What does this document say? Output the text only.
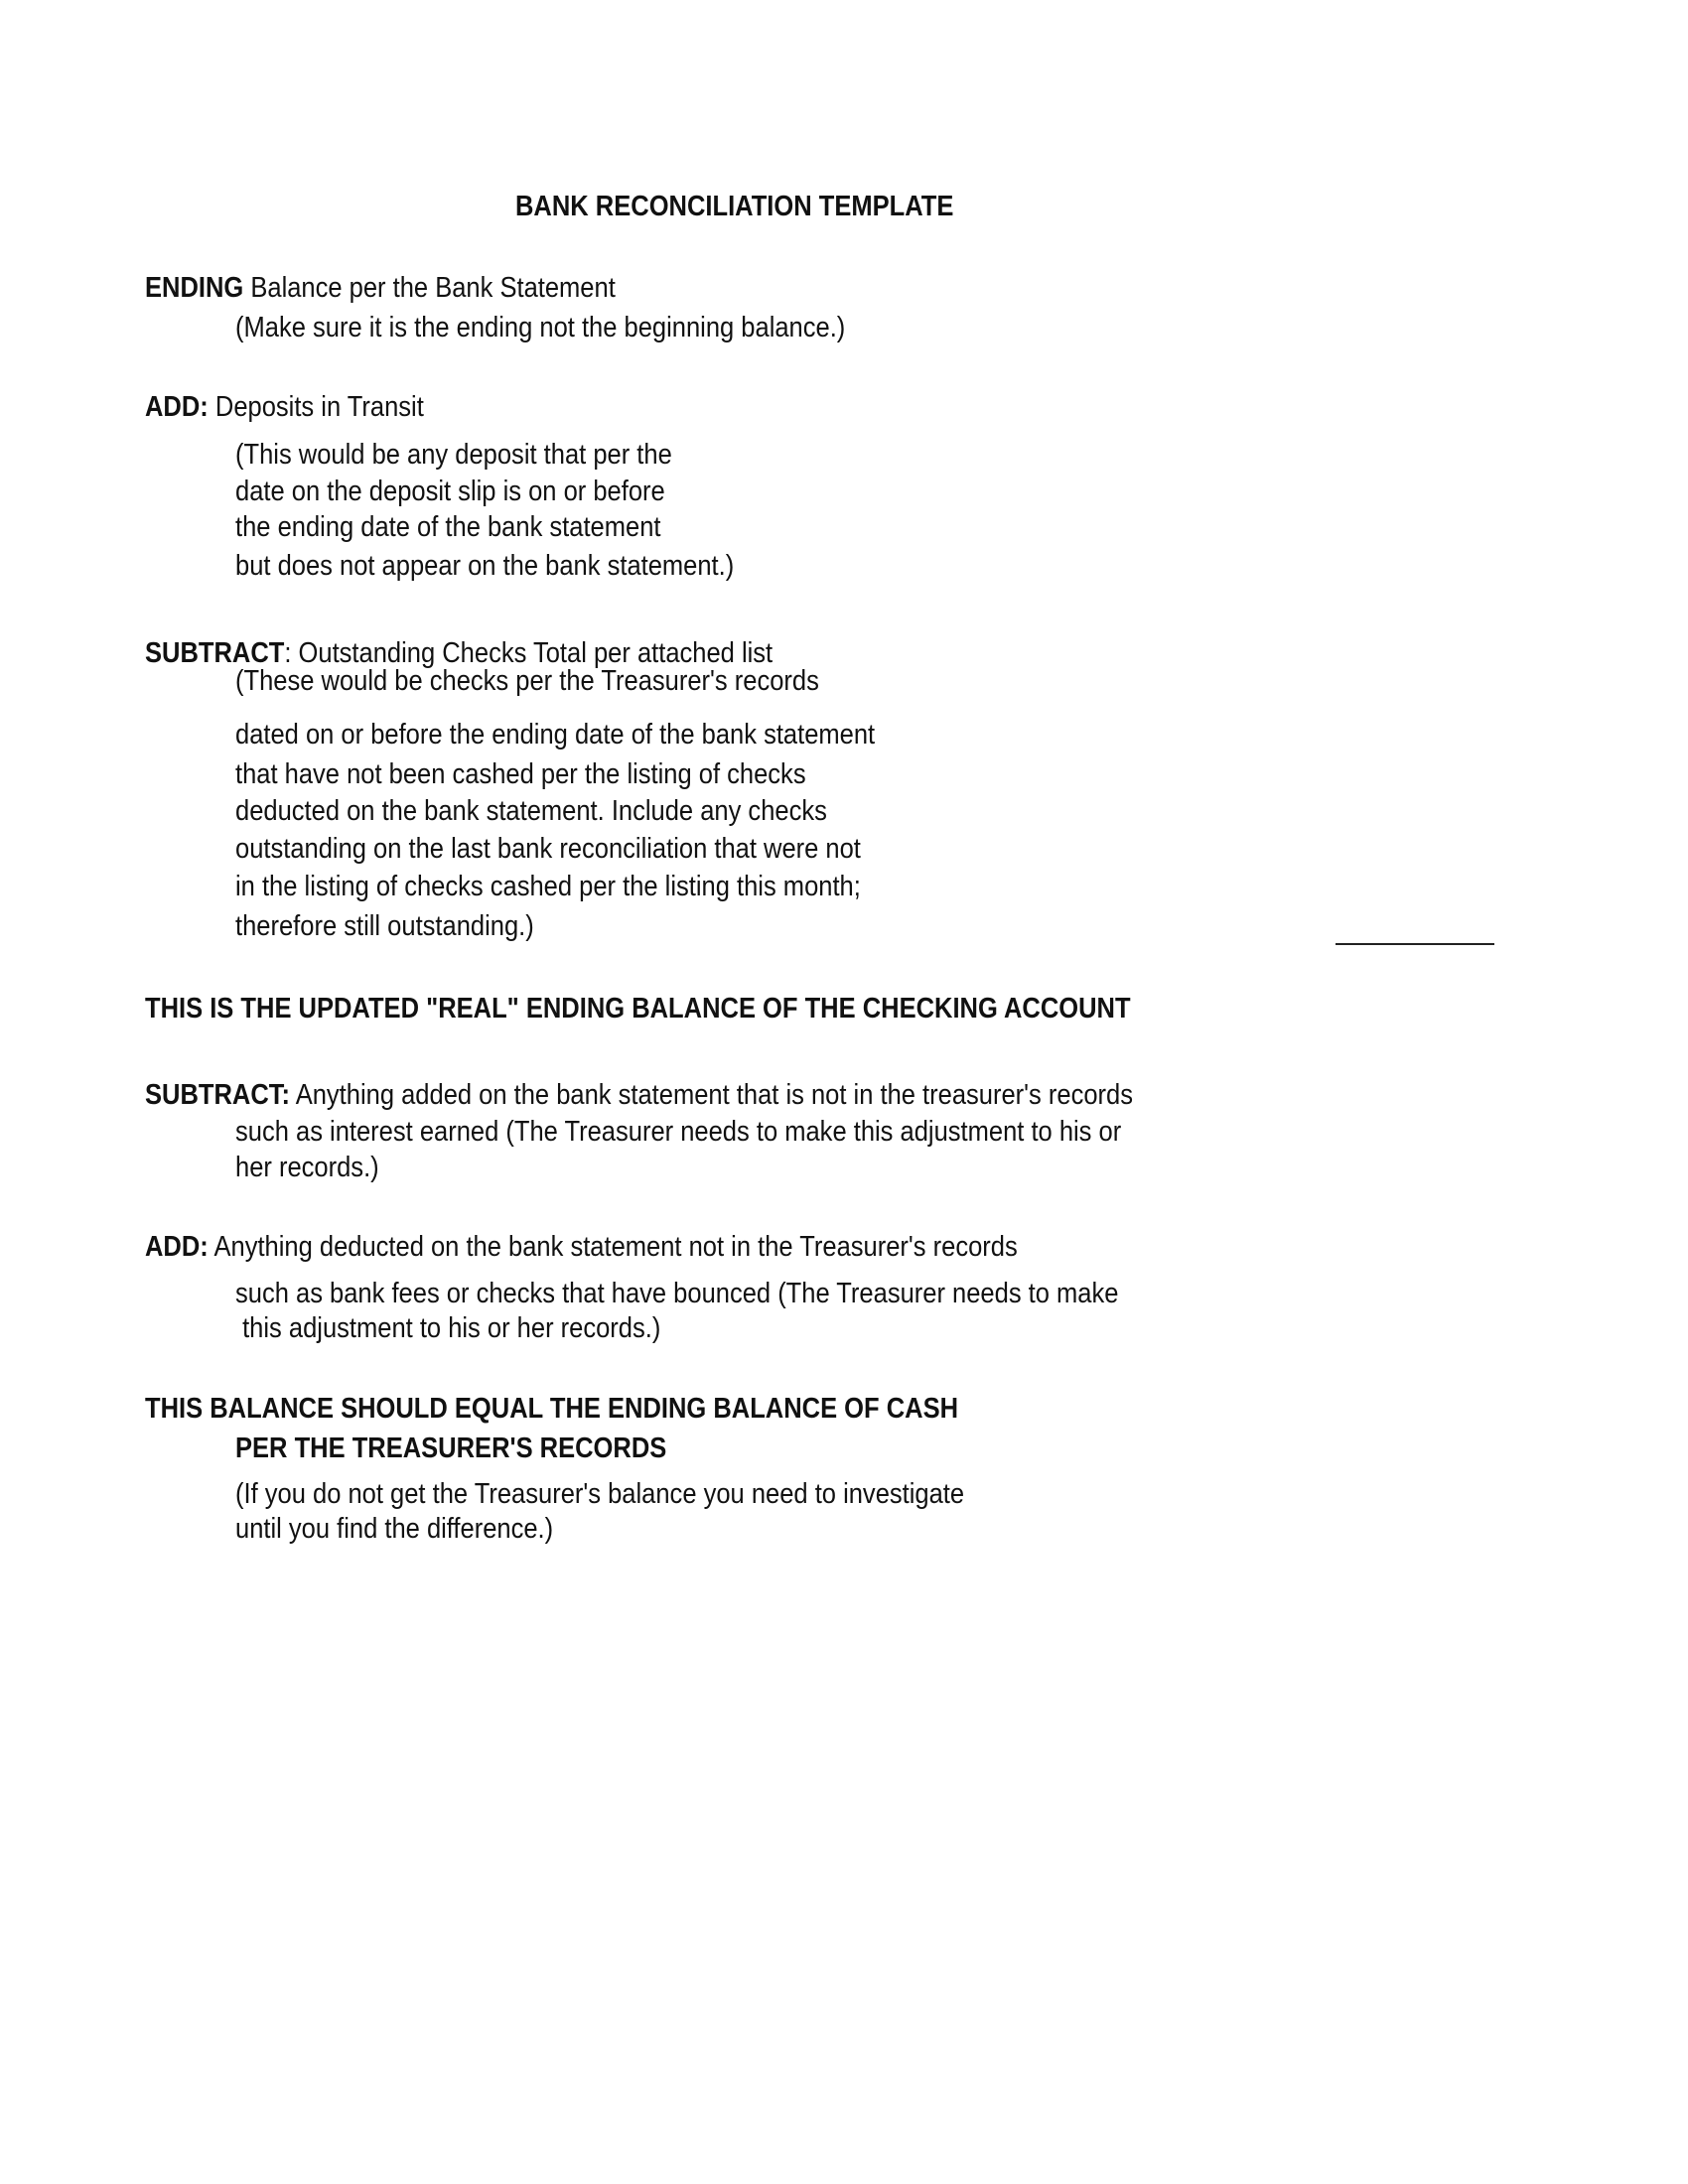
BANK RECONCILIATION TEMPLATE
ENDING Balance per the Bank Statement
(Make sure it is the ending not the beginning balance.)
ADD: Deposits in Transit
(This would be any deposit that per the
date on the deposit slip is on or before
the ending date of the bank statement
but does not appear on the bank statement.)
SUBTRACT: Outstanding Checks Total per attached list
(These would be checks per the Treasurer's records
dated on or before the ending date of the bank statement
that have not been cashed per the listing of checks
deducted on the bank statement. Include any checks
outstanding on the last bank reconciliation that were not
in the listing of checks cashed per the listing this month;
therefore still outstanding.)
THIS IS THE UPDATED "REAL" ENDING BALANCE OF THE CHECKING ACCOUNT
SUBTRACT: Anything added on the bank statement that is not in the treasurer's records
such as interest earned (The Treasurer needs to make this adjustment to his or
her records.)
ADD: Anything deducted on the bank statement not in the Treasurer's records
such as bank fees or checks that have bounced (The Treasurer needs to make
this adjustment to his or her records.)
THIS BALANCE SHOULD EQUAL THE ENDING BALANCE OF CASH
PER THE TREASURER'S RECORDS
(If you do not get the Treasurer's balance you need to investigate
until you find the difference.)
